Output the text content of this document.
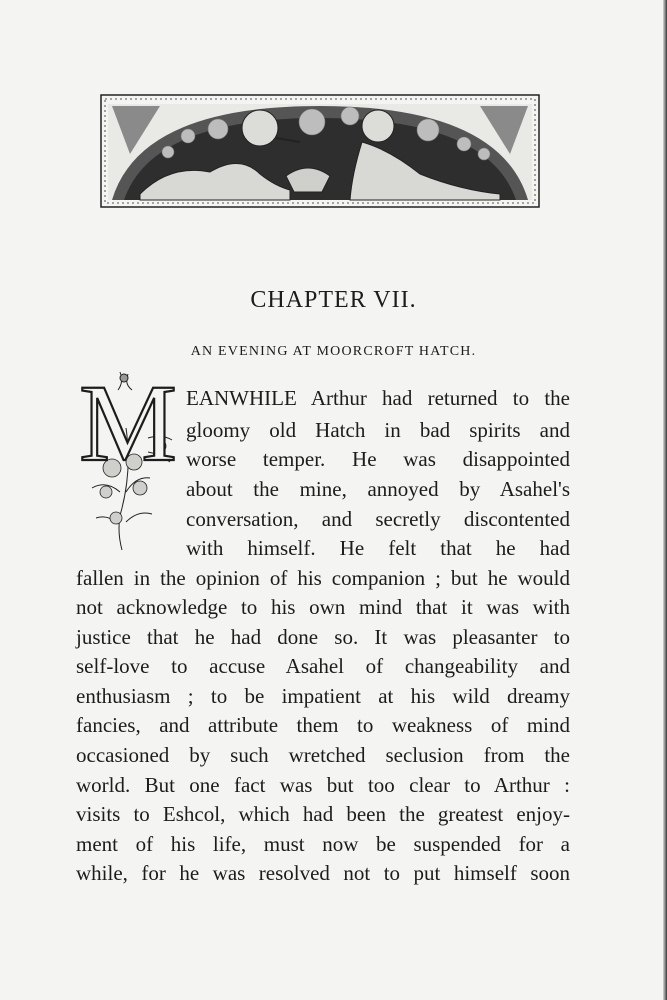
CHAPTER VII.
AN EVENING AT MOORCROFT HATCH.
M EANWHILE Arthur had returned to the
gloomy old Hatch in bad spirits and
worse temper. He was disappointed
about the mine, annoyed by Asahel's
conversation, and secretly discontented
with himself. He felt that he had
fallen in the opinion of his companion ; but he would
not acknowledge to his own mind that it was with
justice that he had done so. It was pleasanter to
self-love to accuse Asahel of changeability and
enthusiasm ; to be impatient at his wild dreamy
fancies, and attribute them to weakness of mind
occasioned by such wretched seclusion from the
world. But one fact was but too clear to Arthur :
visits to Eshcol, which had been the greatest enjoy-
ment of his life, must now be suspended for a
while, for he was resolved not to put himself soon
